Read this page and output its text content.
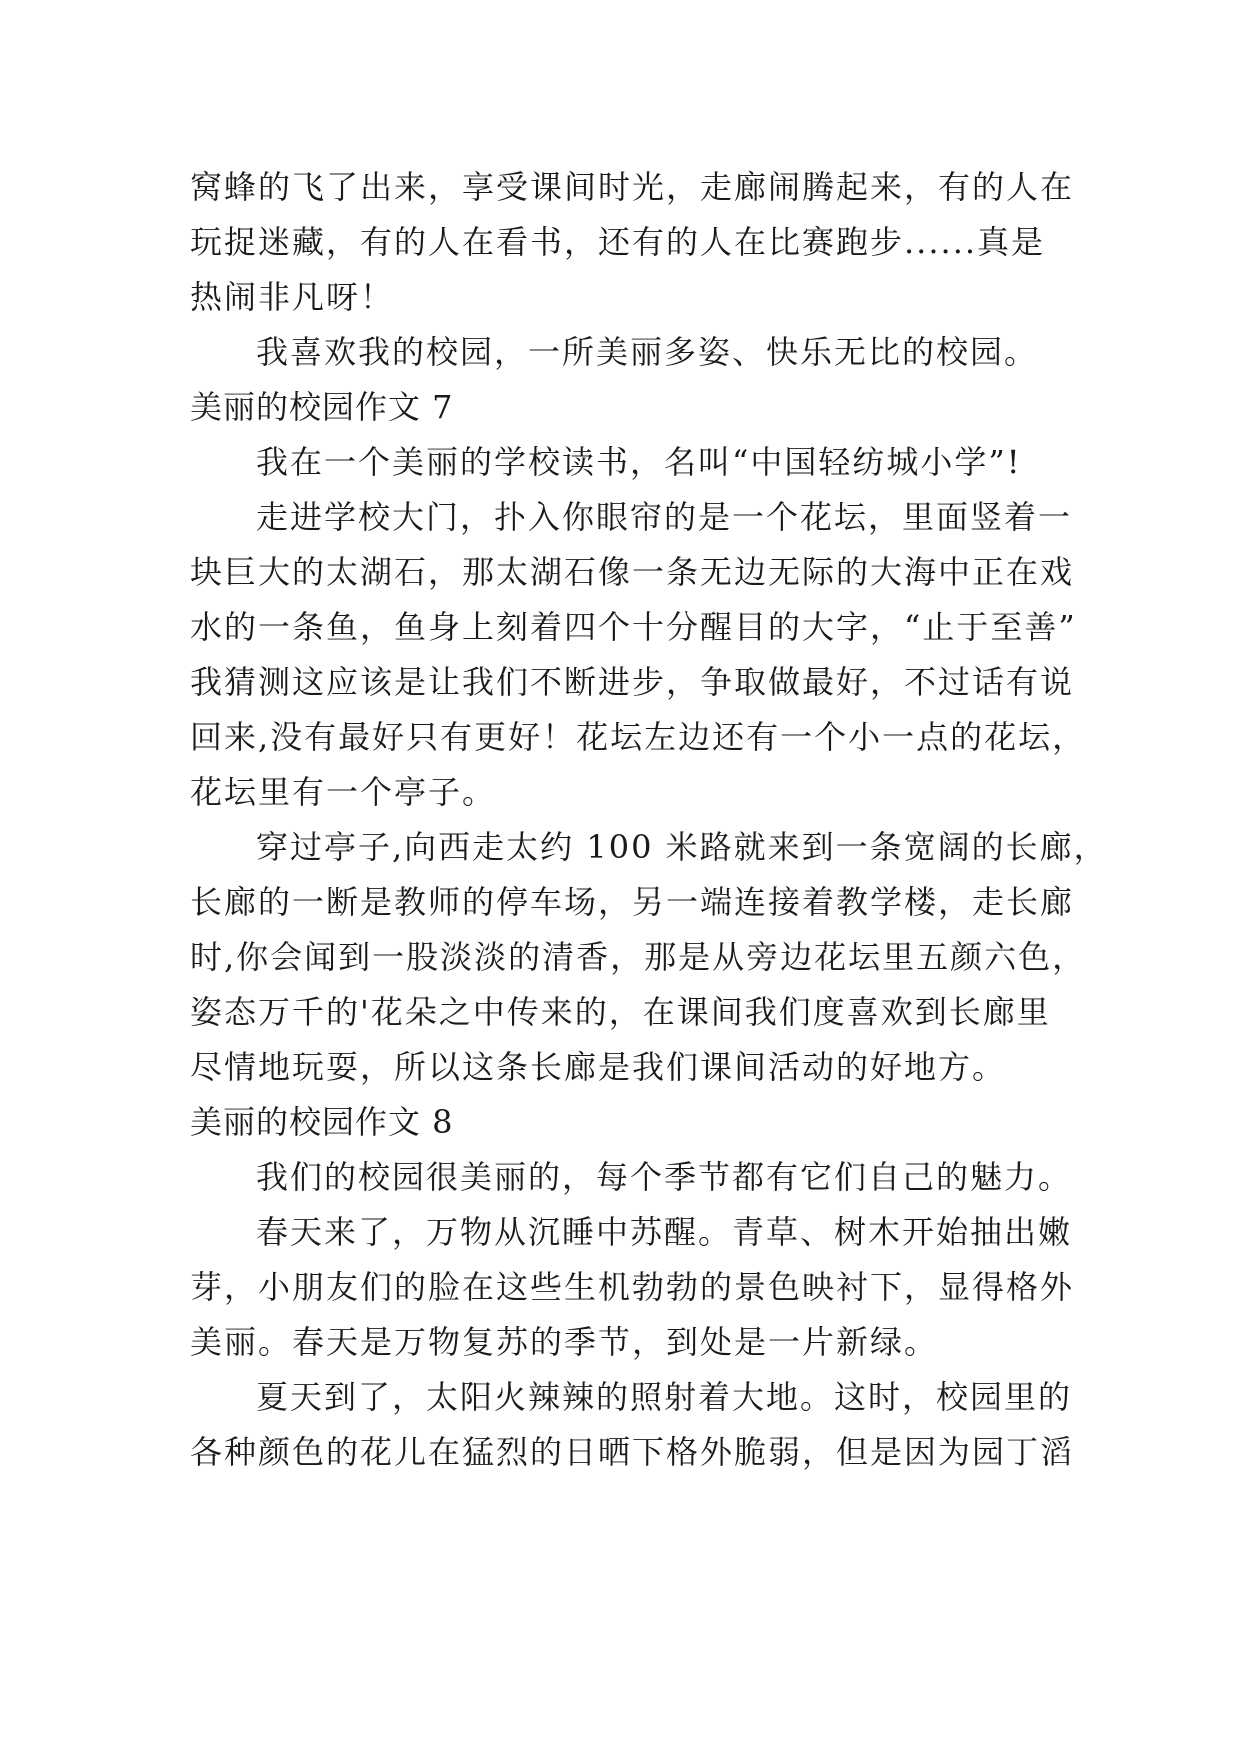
窝蜂的飞了出来，享受课间时光，走廊闹腾起来，有的人在
玩捉迷藏，有的人在看书，还有的人在比赛跑步......真是
热闹非凡呀！
我喜欢我的校园，一所美丽多姿、快乐无比的校园。
美丽的校园作文 7
我在一个美丽的学校读书，名叫“中国轻纺城小学”!
走进学校大门，扑入你眼帘的是一个花坛，里面竖着一
块巨大的太湖石，那太湖石像一条无边无际的大海中正在戏
水的一条鱼，鱼身上刻着四个十分醒目的大字，“止于至善”
我猜测这应该是让我们不断进步，争取做最好，不过话有说
回来,没有最好只有更好！花坛左边还有一个小一点的花坛，
花坛里有一个亭子。
穿过亭子,向西走太约 100 米路就来到一条宽阔的长廊，
长廊的一断是教师的停车场，另一端连接着教学楼，走长廊
时,你会闻到一股淡淡的清香，那是从旁边花坛里五颜六色，
姿态万千的'花朵之中传来的，在课间我们度喜欢到长廊里
尽情地玩耍，所以这条长廊是我们课间活动的好地方。
美丽的校园作文 8
我们的校园很美丽的，每个季节都有它们自己的魅力。
春天来了，万物从沉睡中苏醒。青草、树木开始抽出嫩
芽，小朋友们的脸在这些生机勃勃的景色映衬下，显得格外
美丽。春天是万物复苏的季节，到处是一片新绿。
夏天到了，太阳火辣辣的照射着大地。这时，校园里的
各种颜色的花儿在猛烈的日晒下格外脆弱，但是因为园丁滔
